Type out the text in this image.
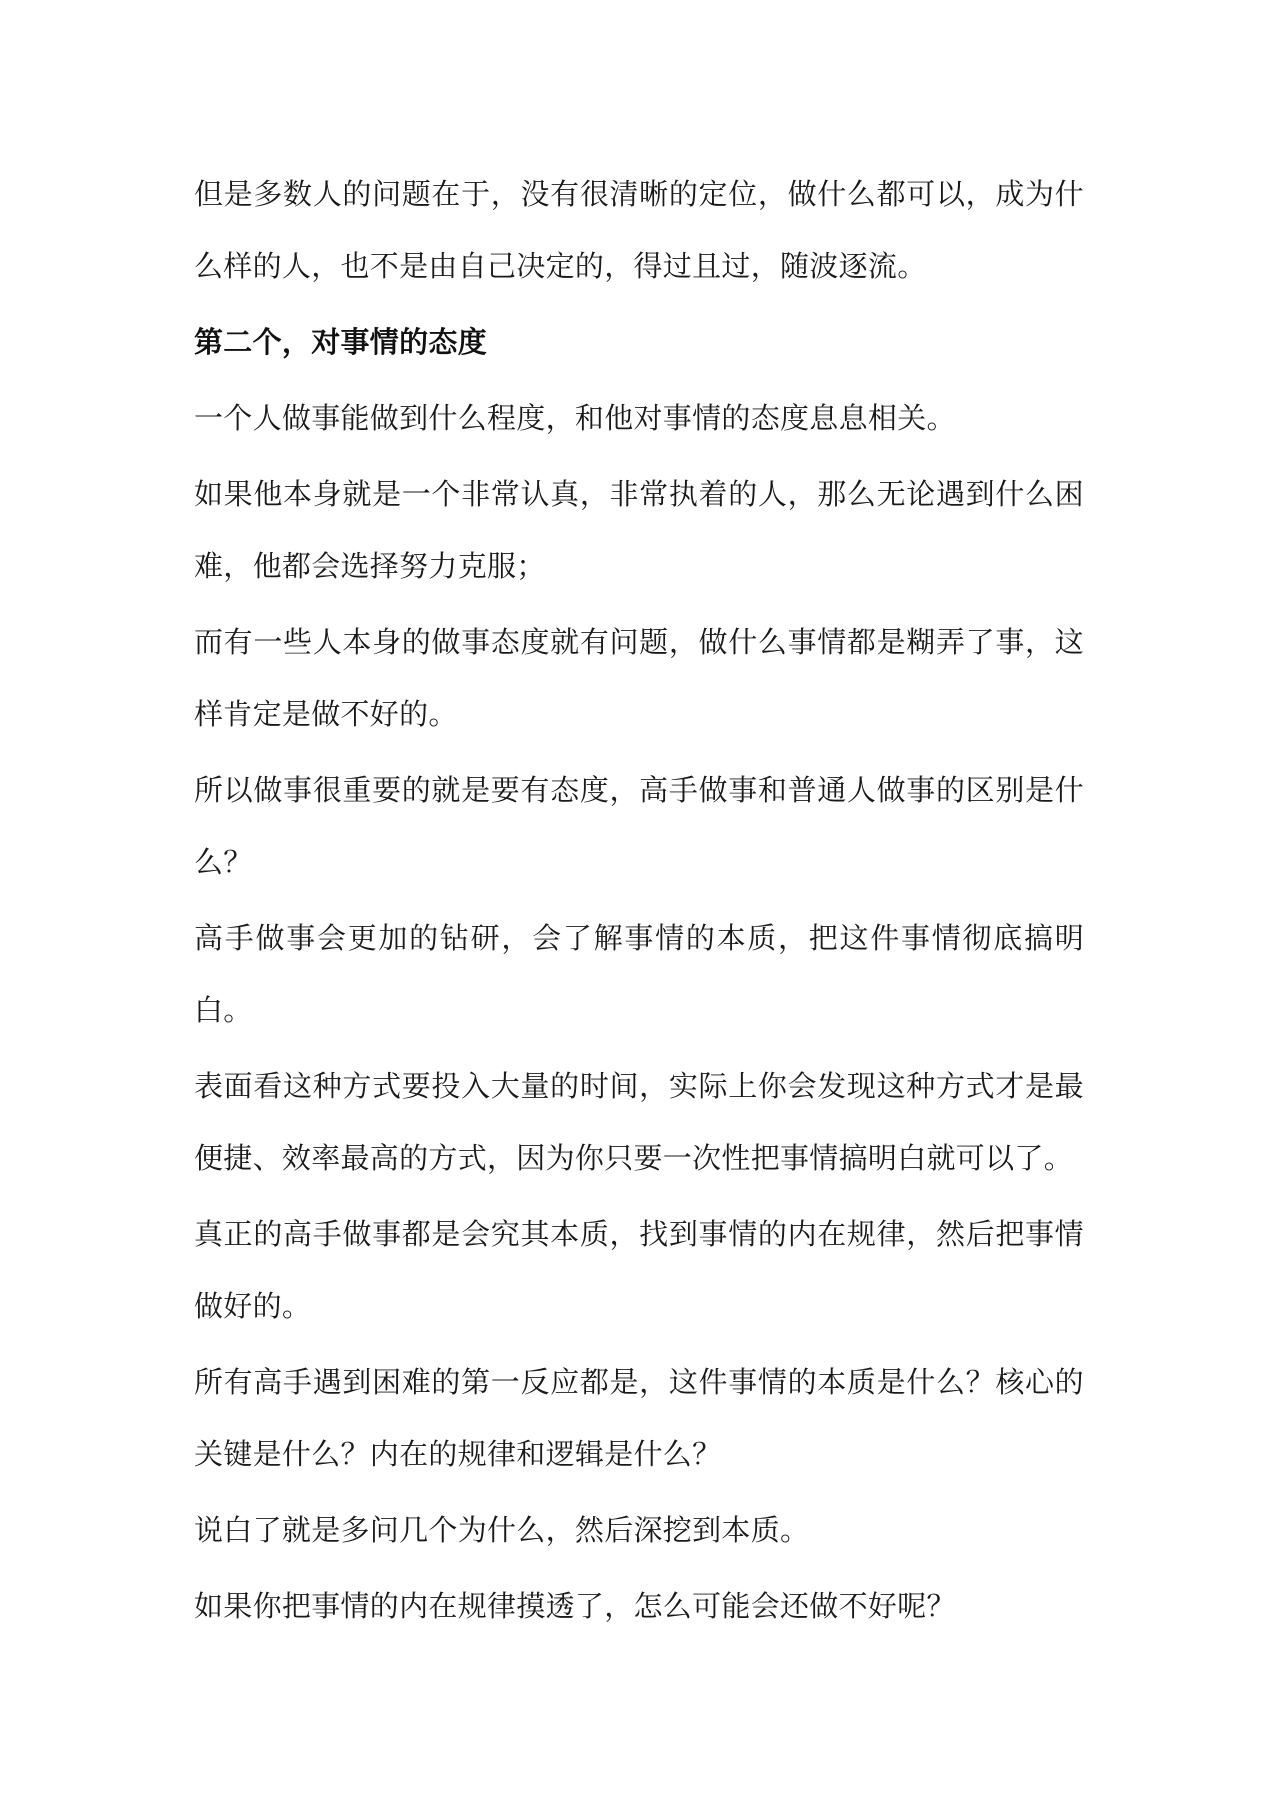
但是多数人的问题在于，没有很清晰的定位，做什么都可以，成为什么样的人，也不是由自己决定的，得过且过，随波逐流。

第二个，对事情的态度

一个人做事能做到什么程度，和他对事情的态度息息相关。

如果他本身就是一个非常认真，非常执着的人，那么无论遇到什么困难，他都会选择努力克服；

而有一些人本身的做事态度就有问题，做什么事情都是糊弄了事，这样肯定是做不好的。

所以做事很重要的就是要有态度，高手做事和普通人做事的区别是什么？

高手做事会更加的钻研，会了解事情的本质，把这件事情彻底搞明白。

表面看这种方式要投入大量的时间，实际上你会发现这种方式才是最便捷、效率最高的方式，因为你只要一次性把事情搞明白就可以了。

真正的高手做事都是会究其本质，找到事情的内在规律，然后把事情做好的。

所有高手遇到困难的第一反应都是，这件事情的本质是什么？核心的关键是什么？内在的规律和逻辑是什么？

说白了就是多问几个为什么，然后深挖到本质。

如果你把事情的内在规律摸透了，怎么可能会还做不好呢？
